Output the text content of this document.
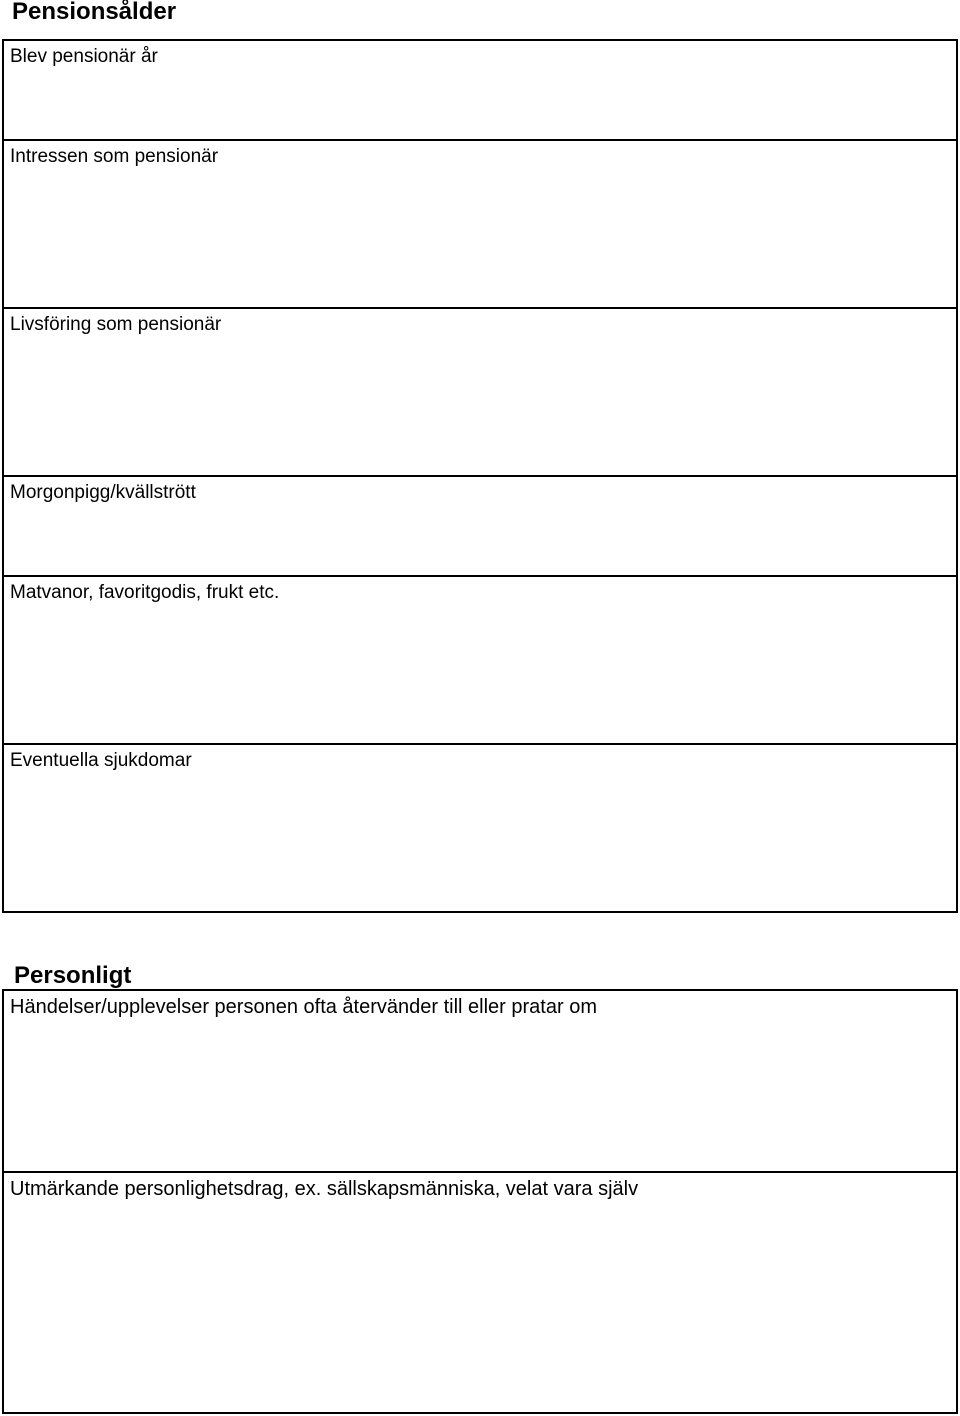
Pensionsålder
Blev pensionär år
Intressen som pensionär
Livsföring som pensionär
Morgonpigg/kvällstrött
Matvanor, favoritgodis, frukt etc.
Eventuella sjukdomar
Personligt
Händelser/upplevelser personen ofta återvänder till eller pratar om
Utmärkande personlighetsdrag, ex. sällskapsmänniska, velat vara själv
